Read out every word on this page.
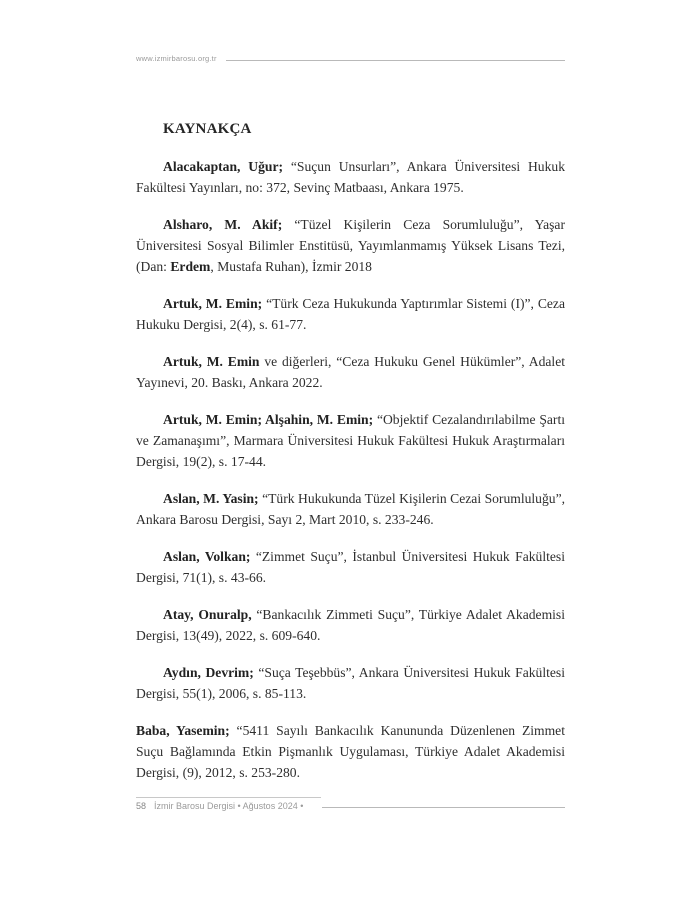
www.izmirbarosu.org.tr
KAYNAKÇA

Alacakaptan, Uğur; “Suçun Unsurları”, Ankara Üniversitesi Hukuk Fakültesi Yayınları, no: 372, Sevinç Matbaası, Ankara 1975.

Alsharo, M. Akif; “Tüzel Kişilerin Ceza Sorumluluğu”, Yaşar Üniversitesi Sosyal Bilimler Enstitüsü, Yayımlanmamış Yüksek Lisans Tezi, (Dan: Erdem, Mustafa Ruhan), İzmir 2018

Artuk, M. Emin; “Türk Ceza Hukukunda Yaptırımlar Sistemi (I)”, Ceza Hukuku Dergisi, 2(4), s. 61-77.

Artuk, M. Emin ve diğerleri, “Ceza Hukuku Genel Hükümler”, Adalet Yayınevi, 20. Baskı, Ankara 2022.

Artuk, M. Emin; Alşahin, M. Emin; “Objektif Cezalandırılabilme Şartı ve Zamanaşımı”, Marmara Üniversitesi Hukuk Fakültesi Hukuk Araştırmaları Dergisi, 19(2), s. 17-44.

Aslan, M. Yasin; “Türk Hukukunda Tüzel Kişilerin Cezai Sorumluluğu”, Ankara Barosu Dergisi, Sayı 2, Mart 2010, s. 233-246.

Aslan, Volkan; “Zimmet Suçu”, İstanbul Üniversitesi Hukuk Fakültesi Dergisi, 71(1), s. 43-66.

Atay, Onuralp, “Bankacılık Zimmeti Suçu”, Türkiye Adalet Akademisi Dergisi, 13(49), 2022, s. 609-640.

Aydın, Devrim; “Suça Teşebbüs”, Ankara Üniversitesi Hukuk Fakültesi Dergisi, 55(1), 2006, s. 85-113.

Baba, Yasemin; “5411 Sayılı Bankacılık Kanununda Düzenlenen Zimmet Suçu Bağlamında Etkin Pişmanlık Uygulaması, Türkiye Adalet Akademisi Dergisi, (9), 2012, s. 253-280.

58 İzmir Barosu Dergisi • Ağustos 2024 •
